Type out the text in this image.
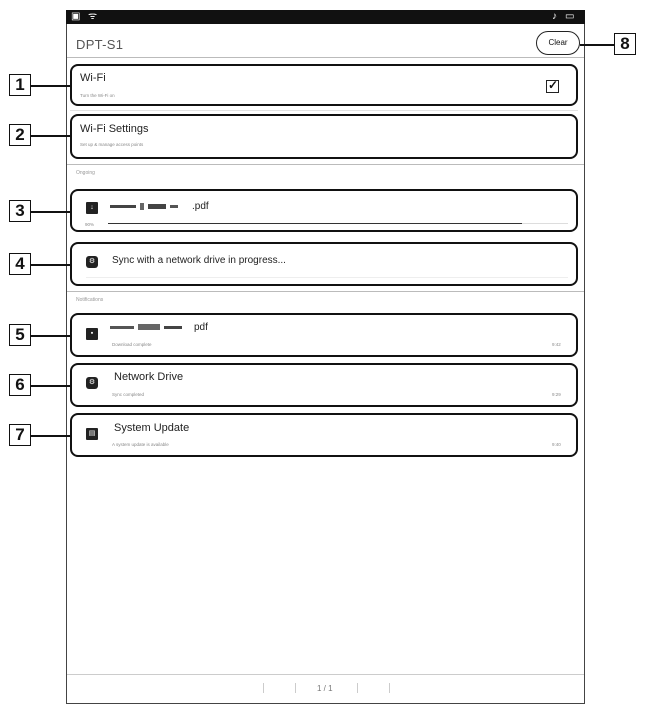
▣ ᯤ	♪ ▭
DPT-S1	Clear
Wi-Fi
Turn the Wi-Fi on
✓
Wi-Fi Settings
Set up & manage access points
Ongoing
↓	.pdf
90%
⚙ Sync with a network drive in progress...
Notifications
▪
pdf
Download complete	9:42
⚙ Network Drive
Sync completed	9:29
▤ System Update
A system update is available	9:40
1 / 1
1
2
3
4
5
6
7
8
